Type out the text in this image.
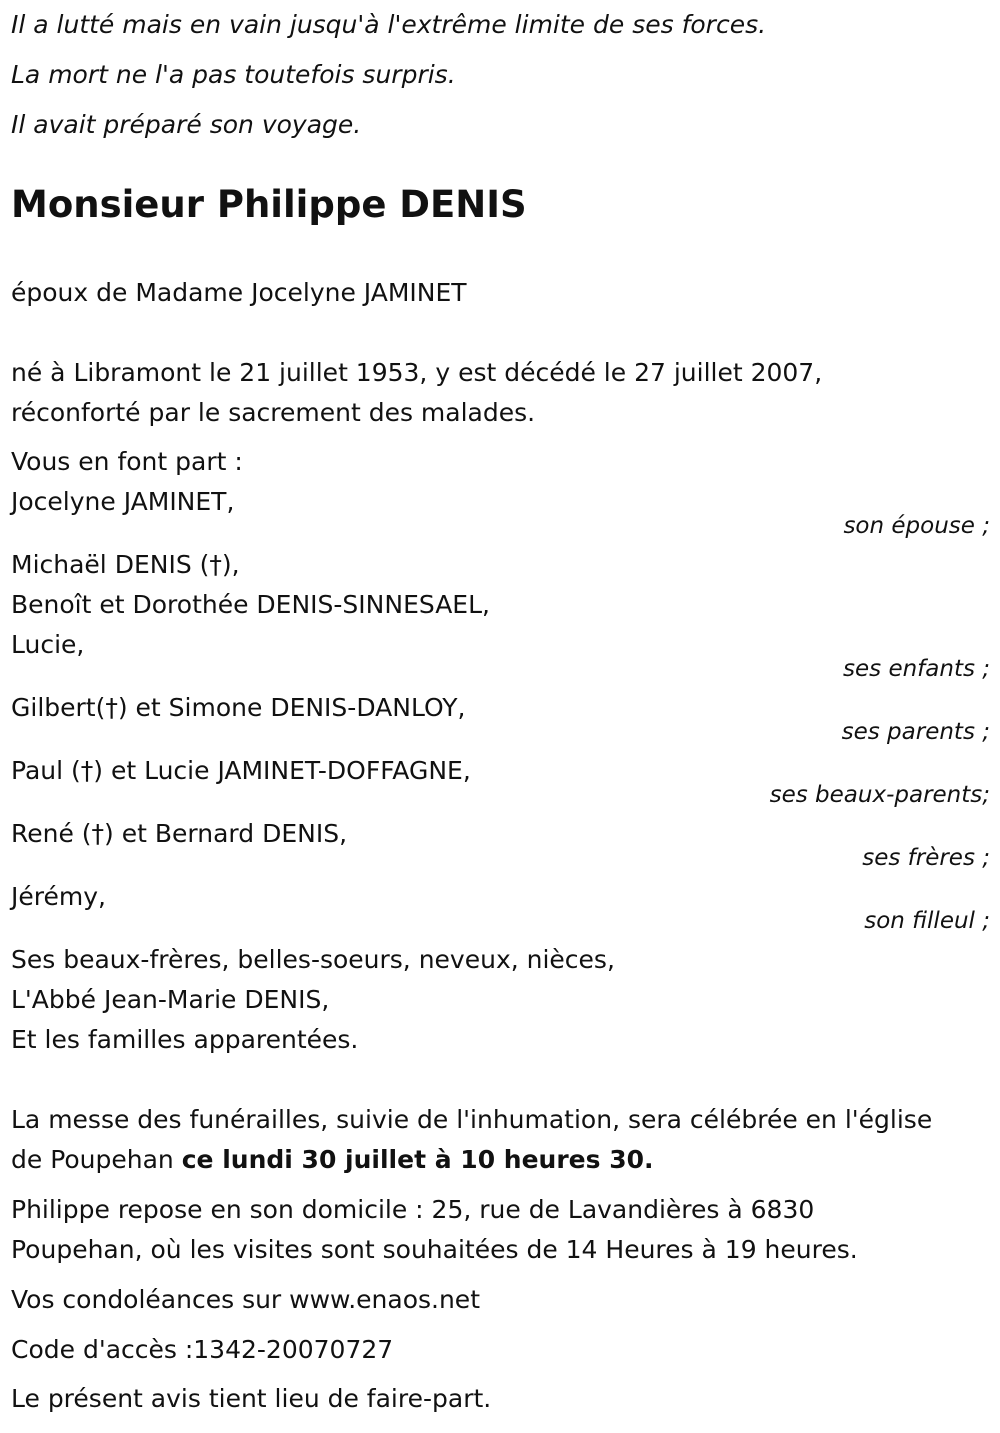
Il a lutté mais en vain jusqu'à l'extrême limite de ses forces.
La mort ne l'a pas toutefois surpris.
Il avait préparé son voyage.
Monsieur Philippe DENIS
époux de Madame Jocelyne JAMINET
né à Libramont le 21 juillet 1953, y est décédé le 27 juillet 2007,
réconforté par le sacrement des malades.
Vous en font part :
Jocelyne JAMINET,
son épouse ;
Michaël DENIS (†),
Benoît et Dorothée DENIS-SINNESAEL,
Lucie,
ses enfants ;
Gilbert(†) et Simone DENIS-DANLOY,
ses parents ;
Paul (†) et Lucie JAMINET-DOFFAGNE,
ses beaux-parents;
René (†) et Bernard DENIS,
ses frères ;
Jérémy,
son filleul ;
Ses beaux-frères, belles-soeurs, neveux, nièces,
L'Abbé Jean-Marie DENIS,
Et les familles apparentées.
La messe des funérailles, suivie de l'inhumation, sera célébrée en l'église
de Poupehan ce lundi 30 juillet à 10 heures 30.
Philippe repose en son domicile : 25, rue de Lavandières à 6830
Poupehan, où les visites sont souhaitées de 14 Heures à 19 heures.
Vos condoléances sur www.enaos.net
Code d'accès :1342-20070727
Le présent avis tient lieu de faire-part.
